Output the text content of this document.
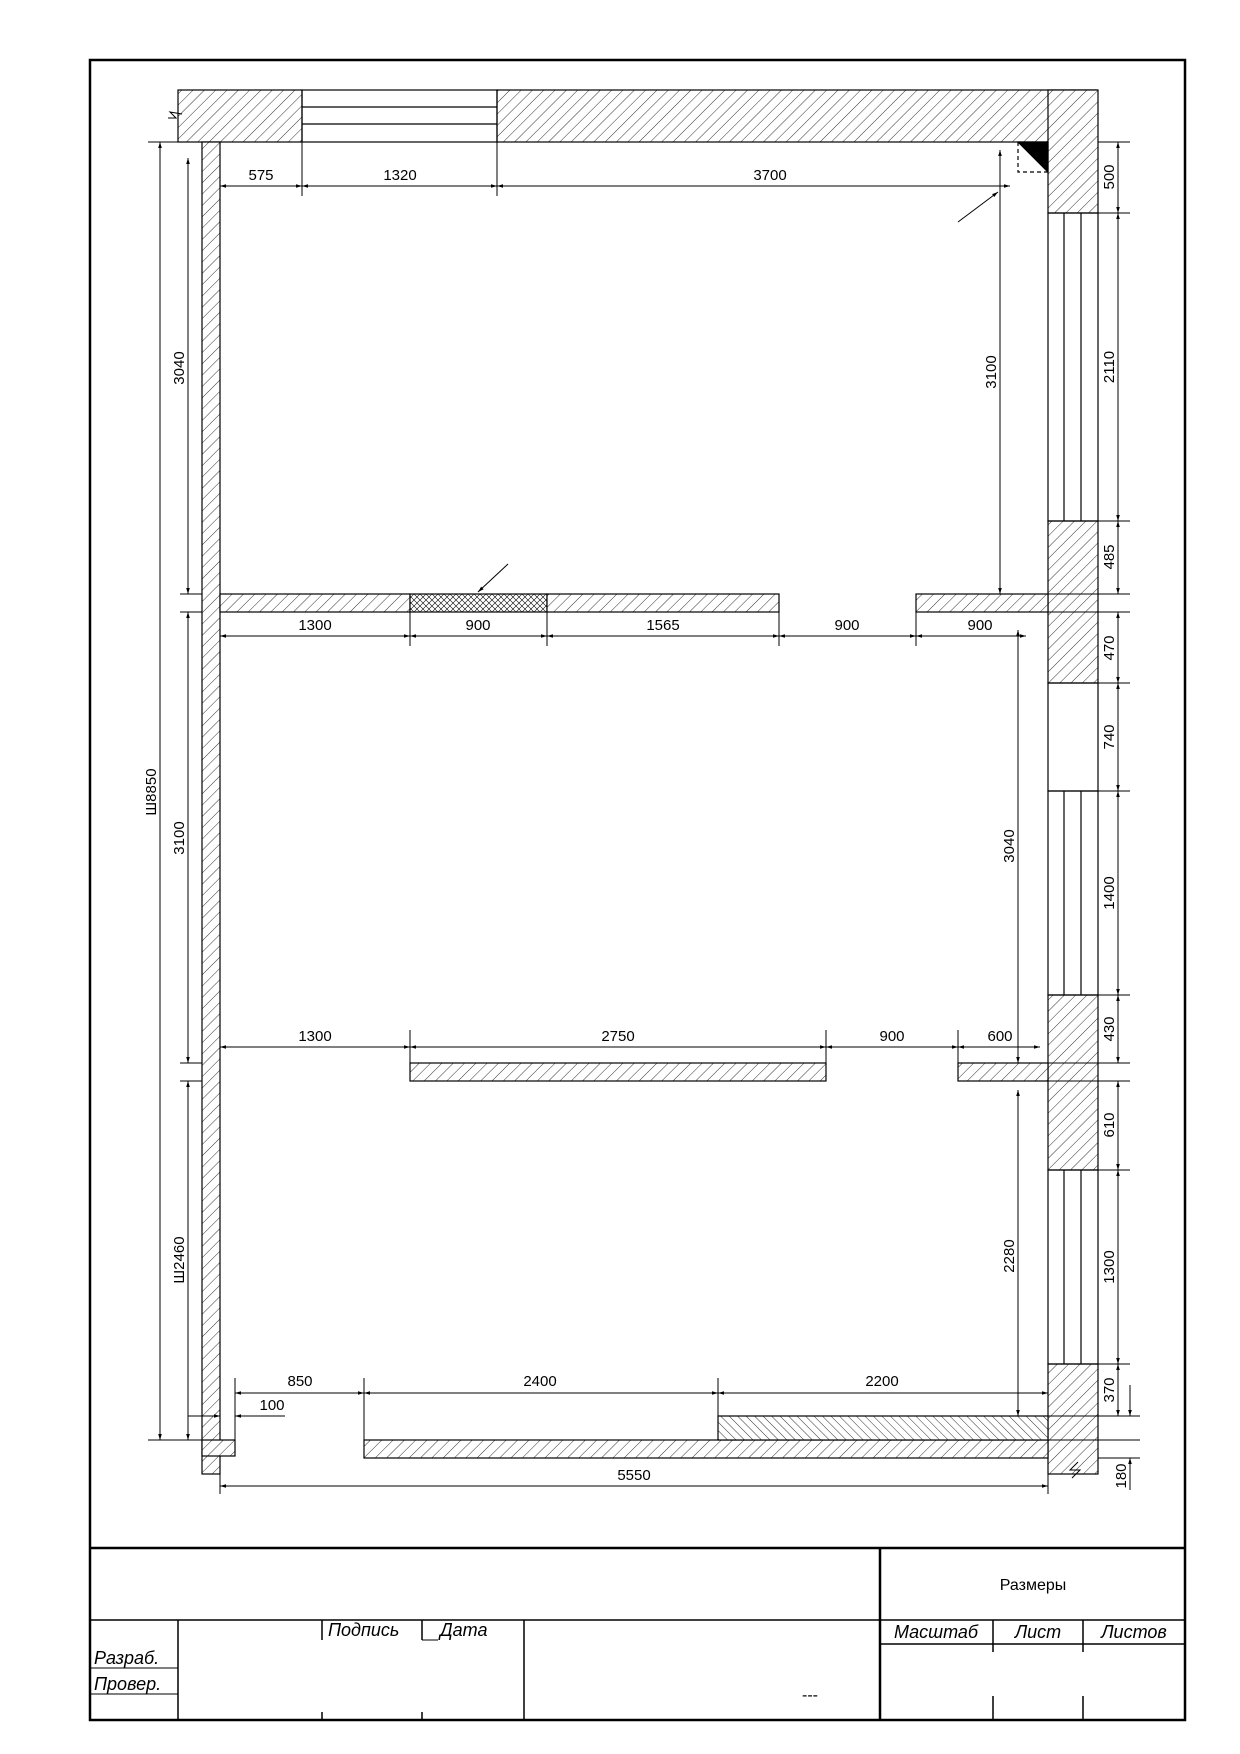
575	1320	3700
3040
3100
Ш8850
Ш2460
3100
3040
2280
500
2110
485
470
740
1400
430
610
1300
370
180
1300	900	1565	900	900
1300	2750	900	600
850	2400	2200
100
5550
Размеры
Подпись Дата	Масштаб Лист Листов
Разраб.
Провер.
---
